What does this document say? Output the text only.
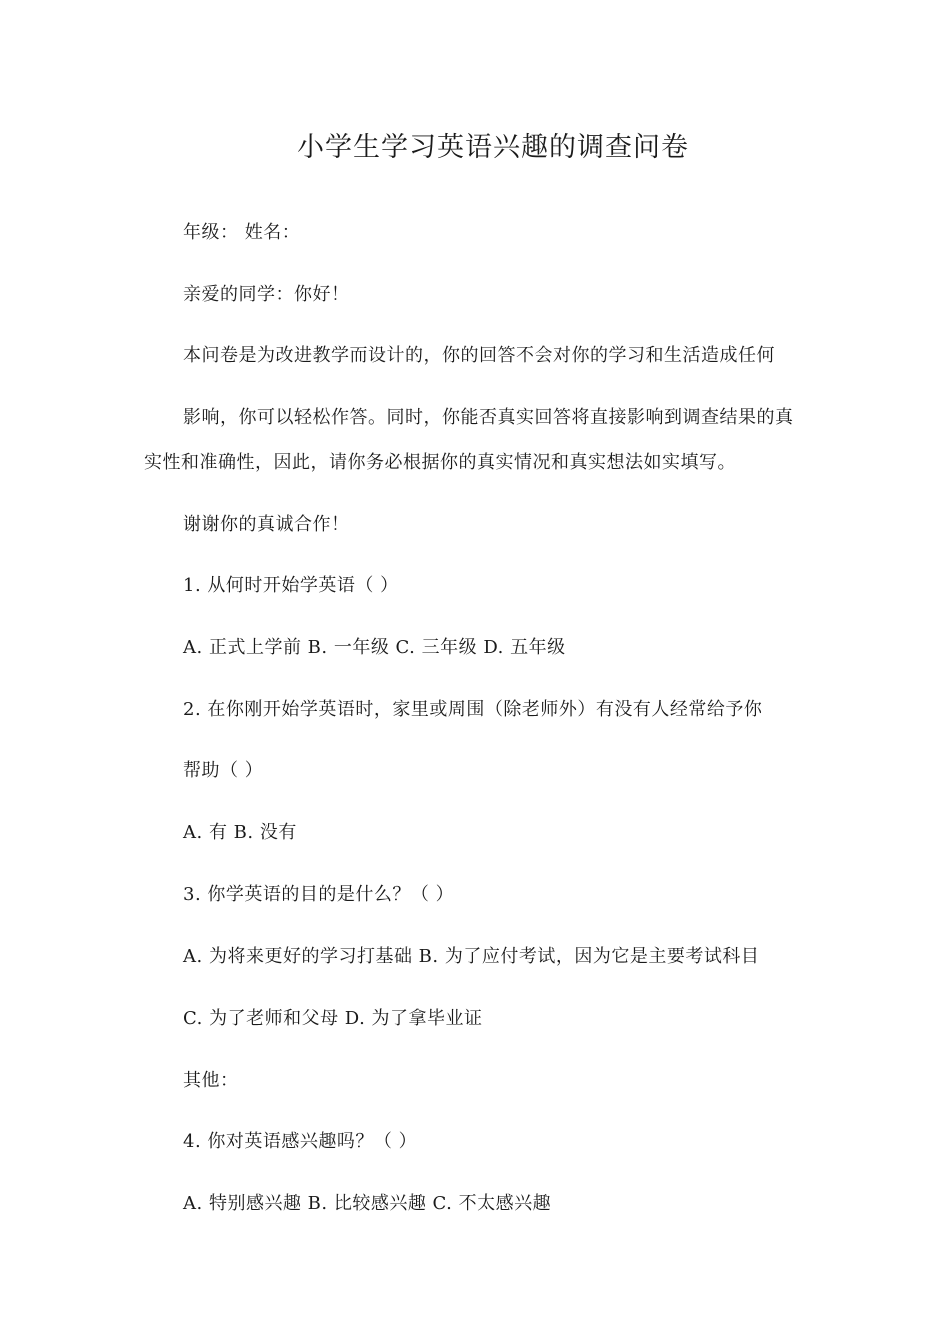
小学生学习英语兴趣的调查问卷
年级： 姓名：
亲爱的同学：你好！
本问卷是为改进教学而设计的，你的回答不会对你的学习和生活造成任何
影响，你可以轻松作答。同时，你能否真实回答将直接影响到调查结果的真
实性和准确性，因此，请你务必根据你的真实情况和真实想法如实填写。
谢谢你的真诚合作！
1. 从何时开始学英语（ ）
A. 正式上学前 B. 一年级 C. 三年级 D. 五年级
2. 在你刚开始学英语时，家里或周围（除老师外）有没有人经常给予你
帮助（ ）
A. 有 B. 没有
3. 你学英语的目的是什么？（ ）
A. 为将来更好的学习打基础 B. 为了应付考试，因为它是主要考试科目
C. 为了老师和父母 D. 为了拿毕业证
其他：
4. 你对英语感兴趣吗？（ ）
A. 特别感兴趣 B. 比较感兴趣 C. 不太感兴趣
